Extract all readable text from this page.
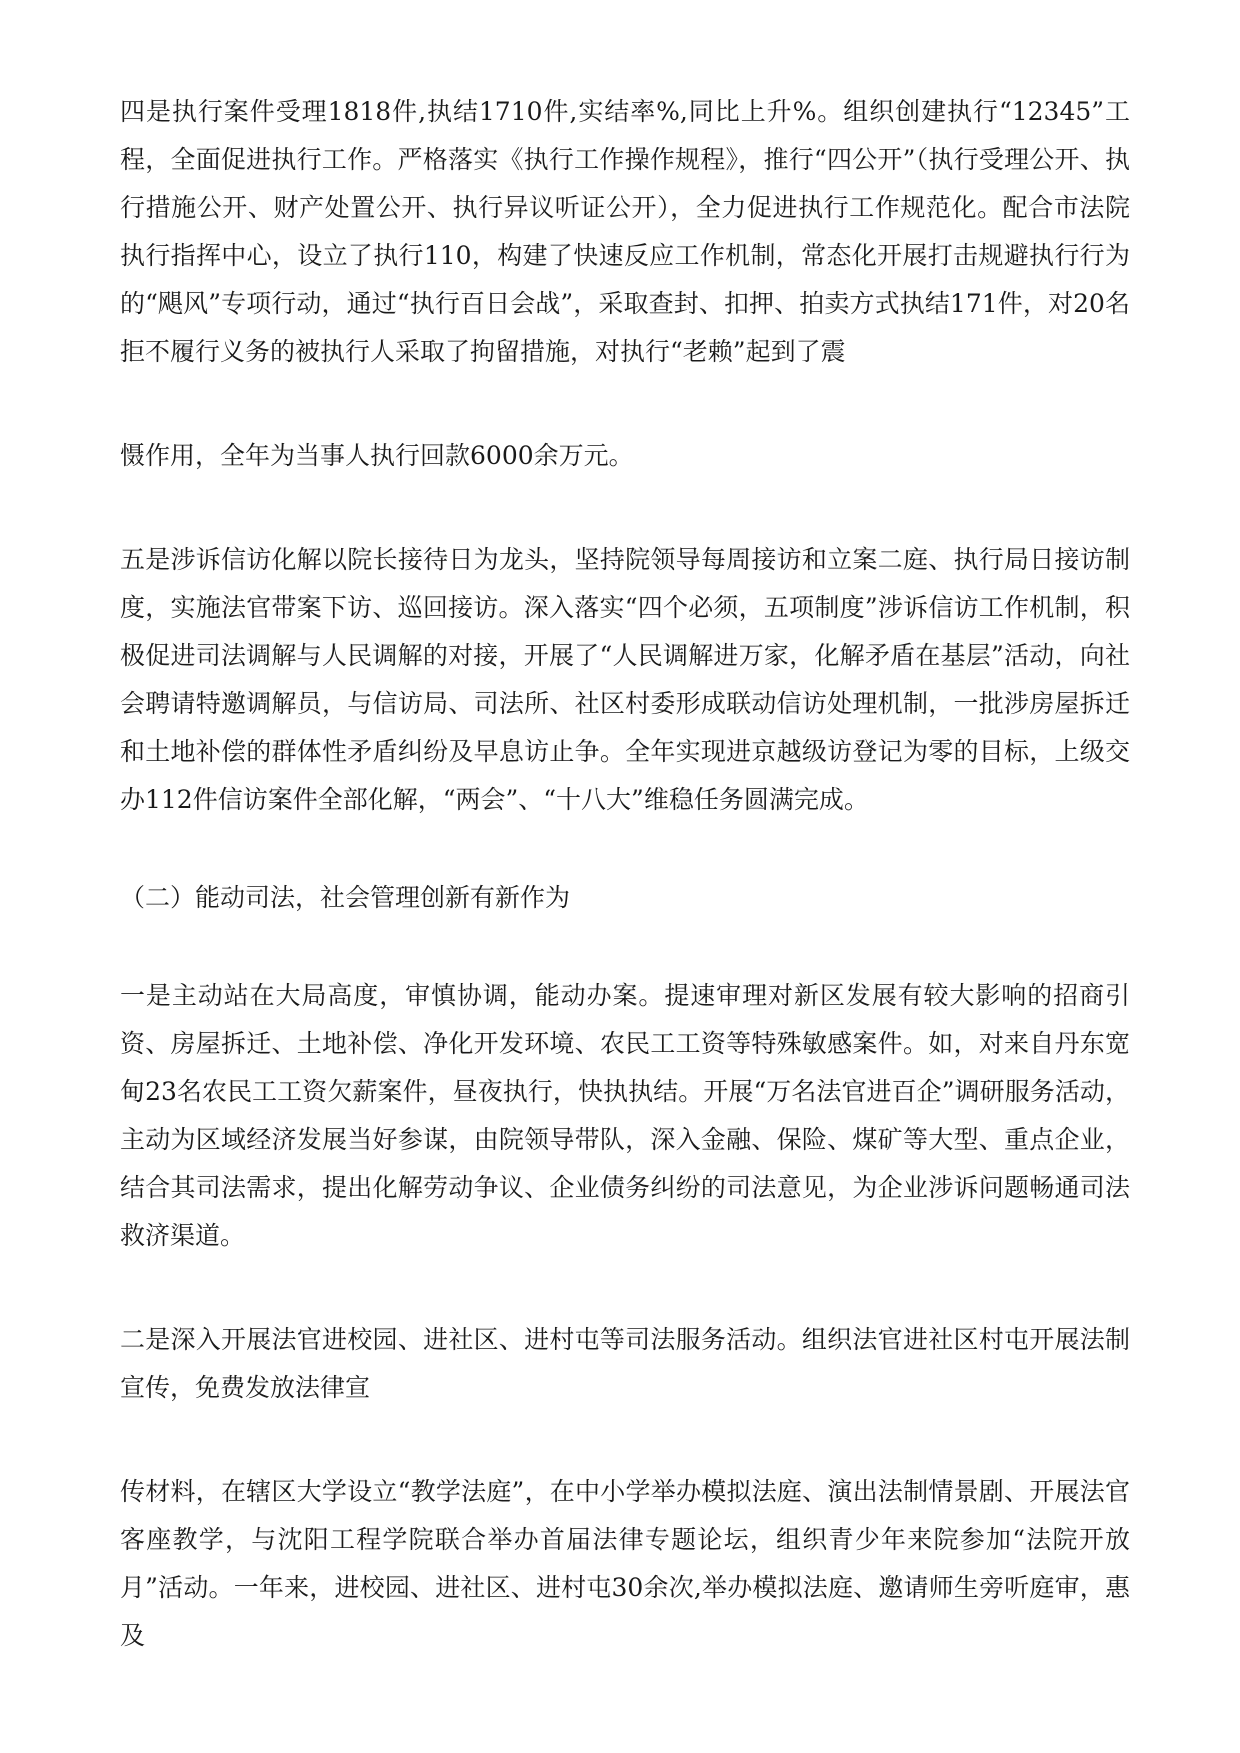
四是执行案件受理1818件,执结1710件,实结率%,同比上升%。组织创建执行“12345”工程，全面促进执行工作。严格落实《执行工作操作规程》，推行“四公开”（执行受理公开、执行措施公开、财产处置公开、执行异议听证公开），全力促进执行工作规范化。配合市法院执行指挥中心，设立了执行110，构建了快速反应工作机制，常态化开展打击规避执行行为的“飓风”专项行动，通过“执行百日会战”，采取查封、扣押、拍卖方式执结171件，对20名拒不履行义务的被执行人采取了拘留措施，对执行“老赖”起到了震

慑作用，全年为当事人执行回款6000余万元。

五是涉诉信访化解以院长接待日为龙头，坚持院领导每周接访和立案二庭、执行局日接访制度，实施法官带案下访、巡回接访。深入落实“四个必须，五项制度”涉诉信访工作机制，积极促进司法调解与人民调解的对接，开展了“人民调解进万家，化解矛盾在基层”活动，向社会聘请特邀调解员，与信访局、司法所、社区村委形成联动信访处理机制，一批涉房屋拆迁和土地补偿的群体性矛盾纠纷及早息访止争。全年实现进京越级访登记为零的目标，上级交办112件信访案件全部化解，“两会”、“十八大”维稳任务圆满完成。

（二）能动司法，社会管理创新有新作为

一是主动站在大局高度，审慎协调，能动办案。提速审理对新区发展有较大影响的招商引资、房屋拆迁、土地补偿、净化开发环境、农民工工资等特殊敏感案件。如，对来自丹东宽甸23名农民工工资欠薪案件，昼夜执行，快执执结。开展“万名法官进百企”调研服务活动，主动为区域经济发展当好参谋，由院领导带队，深入金融、保险、煤矿等大型、重点企业，结合其司法需求，提出化解劳动争议、企业债务纠纷的司法意见，为企业涉诉问题畅通司法救济渠道。

二是深入开展法官进校园、进社区、进村屯等司法服务活动。组织法官进社区村屯开展法制宣传，免费发放法律宣

传材料，在辖区大学设立“教学法庭”，在中小学举办模拟法庭、演出法制情景剧、开展法官客座教学，与沈阳工程学院联合举办首届法律专题论坛，组织青少年来院参加“法院开放月”活动。一年来，进校园、进社区、进村屯30余次,举办模拟法庭、邀请师生旁听庭审，惠及
